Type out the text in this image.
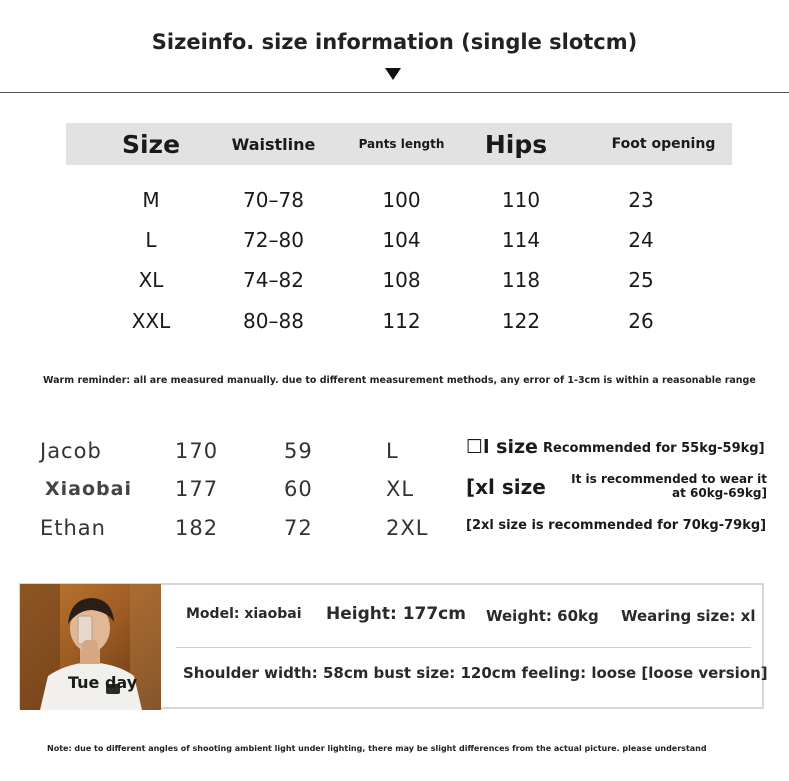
Sizeinfo. size information (single slotcm)
Size	Waistline	Pants length	Hips	Foot opening
M	70–78	100	110	23
L	72–80	104	114	24
XL	74–82	108	118	25
XXL	80–88	112	122	26
Warm reminder: all are measured manually. due to different measurement methods, any error of 1-3cm is within a reasonable range
Jacob	170	59	L
Xiaobai 177	60	XL
Ethan	182	72	2XL
☐l size Recommended for 55kg-59kg]
[xl size	It is recommended to wear it at 60kg-69kg]
[2xl size is recommended for 70kg-79kg]
Tue day
Model: xiaobai Height: 177cm Weight: 60kg Wearing size: xl
Shoulder width: 58cm bust size: 120cm feeling: loose [loose version]
Note: due to different angles of shooting ambient light under lighting, there may be slight differences from the actual picture. please understand
